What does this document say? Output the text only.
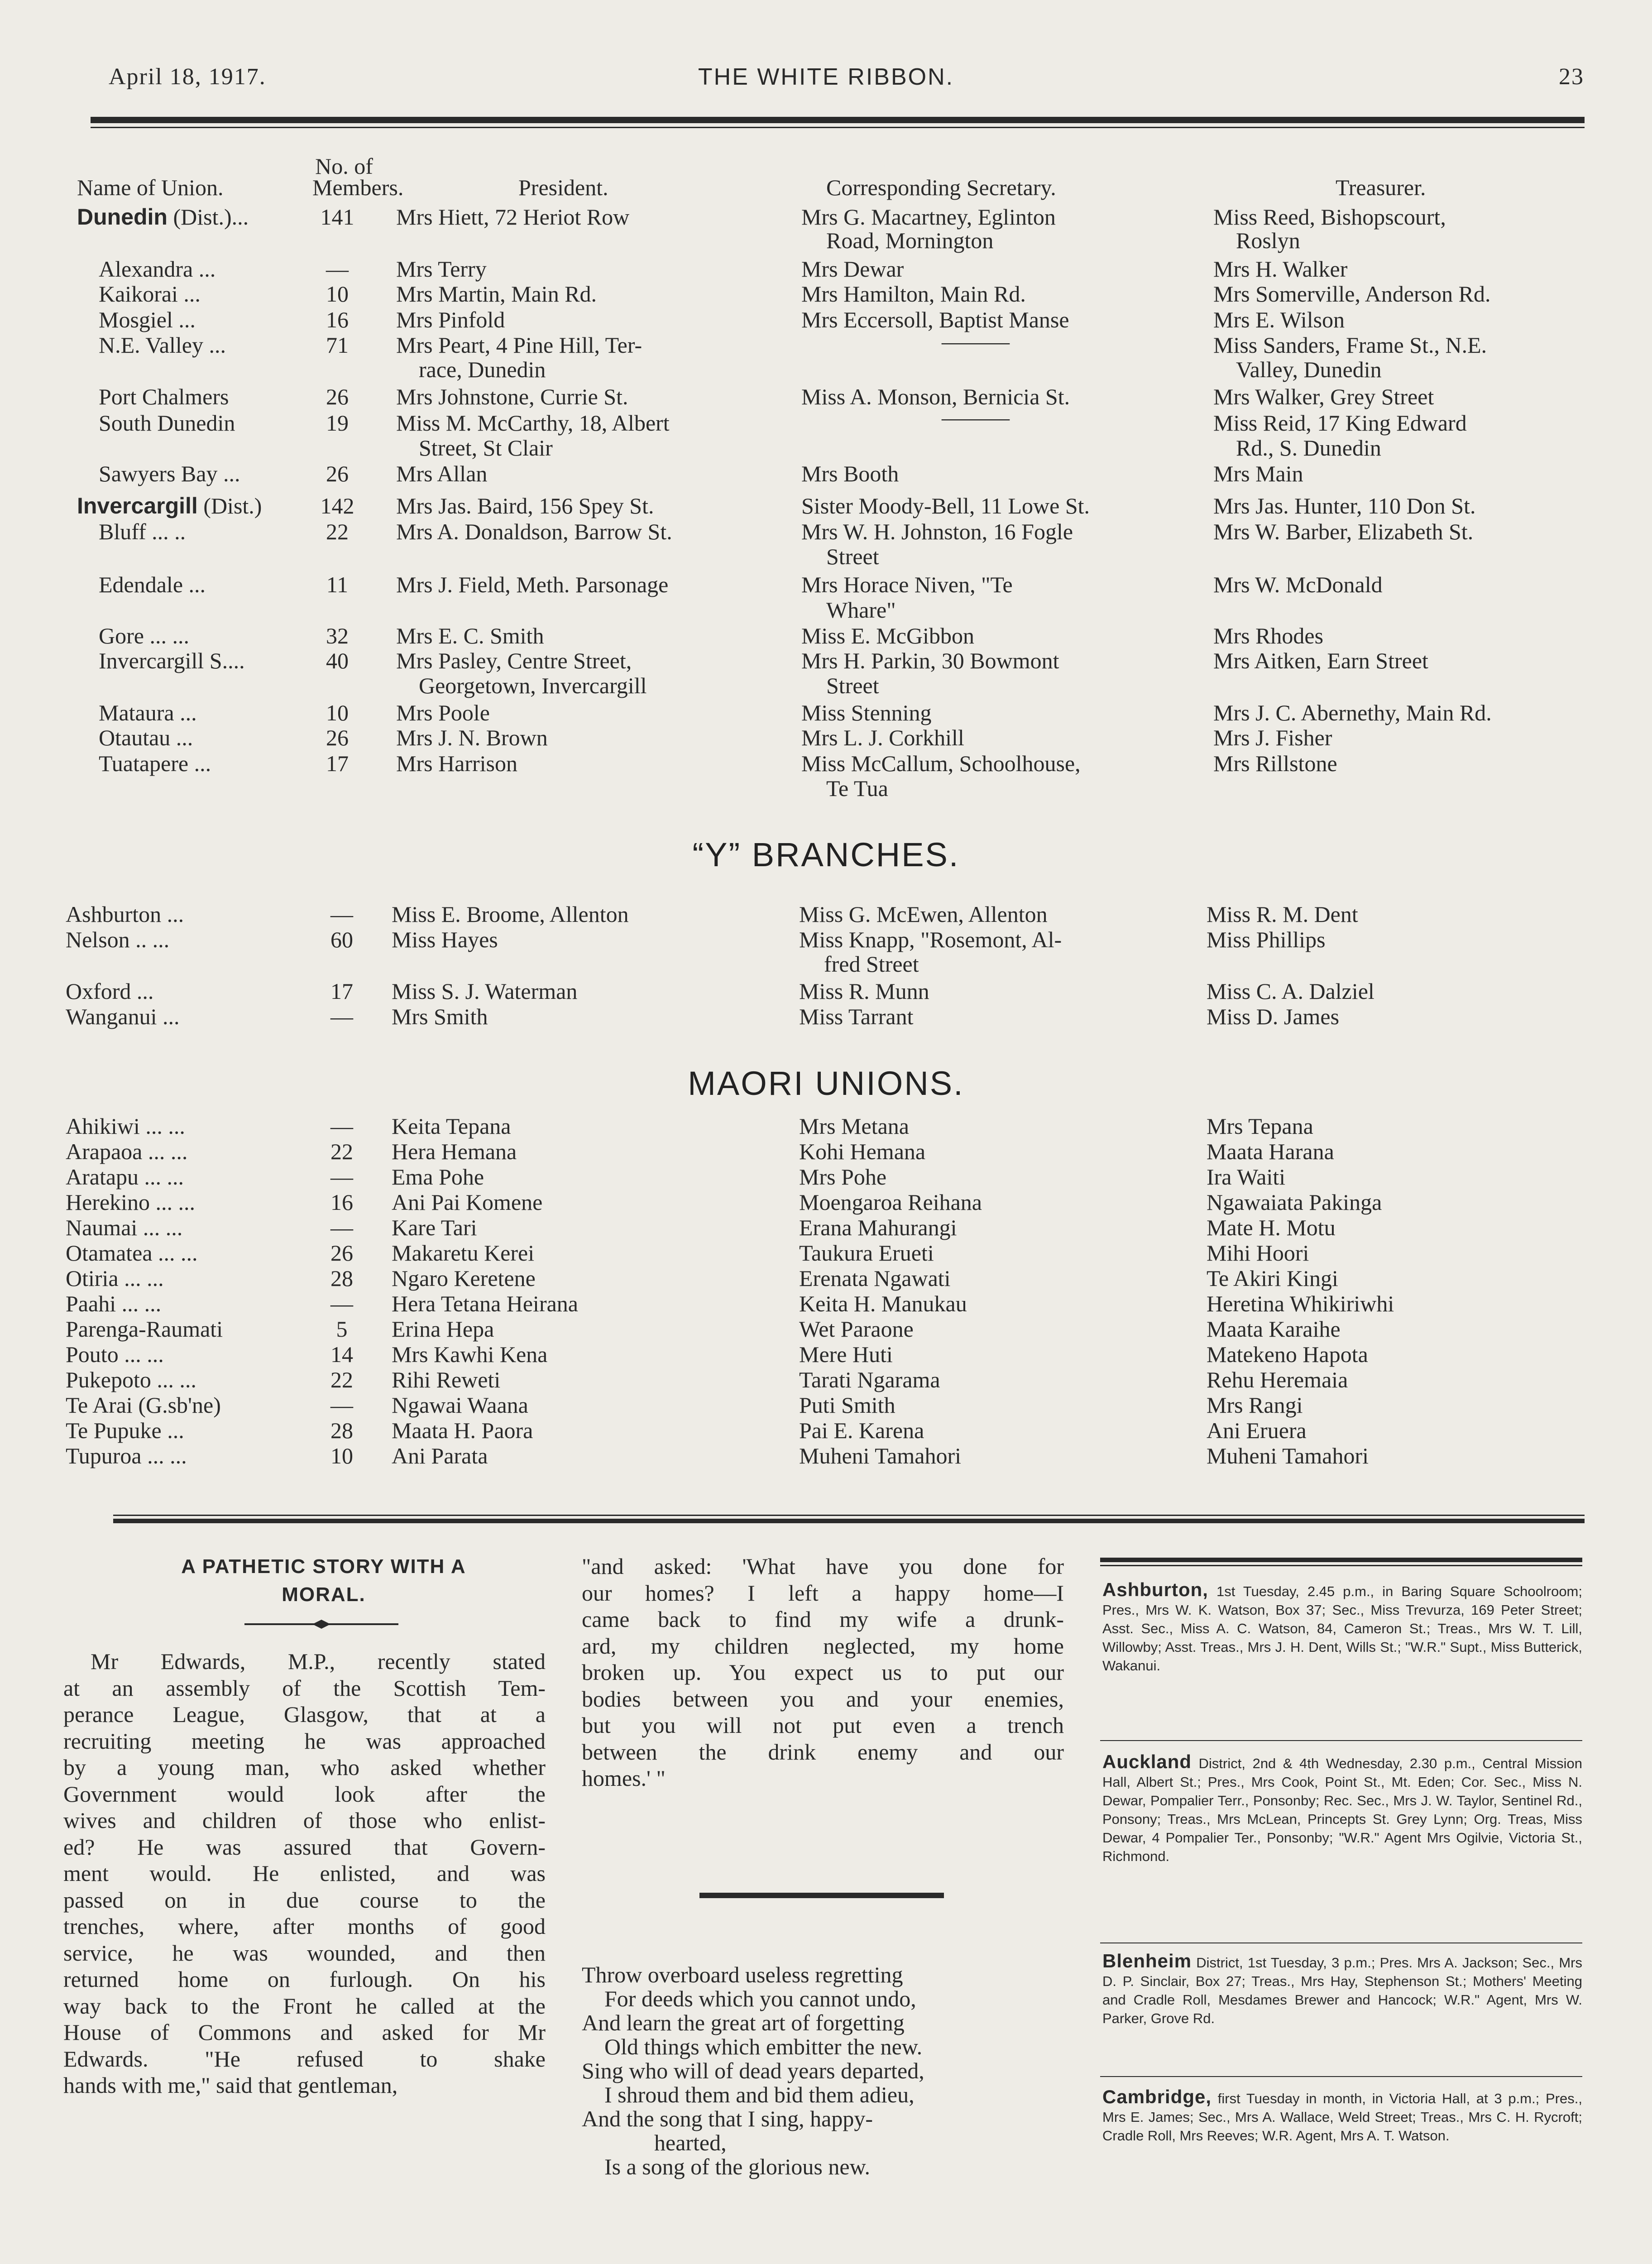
April 18, 1917.	THE WHITE RIBBON.	23
No. of
Name of Union.	Members.	President.	Corresponding Secretary.	Treasurer.
Dunedin (Dist.)...	141	Mrs Hiett, 72 Heriot Row	Mrs G. Macartney, Eglinton	Miss Reed, Bishopscourt,
Road, Mornington	Roslyn
Alexandra ...	—	Mrs Terry	Mrs Dewar	Mrs H. Walker
Kaikorai ...	10	Mrs Martin, Main Rd.	Mrs Hamilton, Main Rd.	Mrs Somerville, Anderson Rd.
Mosgiel ...	16	Mrs Pinfold	Mrs Eccersoll, Baptist Manse	Mrs E. Wilson
N.E. Valley ...	71	Mrs Peart, 4 Pine Hill, Ter-	———	Miss Sanders, Frame St., N.E.
race, Dunedin	Valley, Dunedin
Port Chalmers	26	Mrs Johnstone, Currie St.	Miss A. Monson, Bernicia St.	Mrs Walker, Grey Street
South Dunedin	19	Miss M. McCarthy, 18, Albert	———	Miss Reid, 17 King Edward
Street, St Clair	Rd., S. Dunedin
Sawyers Bay ...	26	Mrs Allan	Mrs Booth	Mrs Main
Invercargill (Dist.)	142	Mrs Jas. Baird, 156 Spey St.	Sister Moody-Bell, 11 Lowe St.	Mrs Jas. Hunter, 110 Don St.
Bluff ... ..	22	Mrs A. Donaldson, Barrow St.	Mrs W. H. Johnston, 16 Fogle	Mrs W. Barber, Elizabeth St.
Street
Edendale ...	11	Mrs J. Field, Meth. Parsonage	Mrs Horace Niven, "Te	Mrs W. McDonald
Whare"
Gore ... ...	32	Mrs E. C. Smith	Miss E. McGibbon	Mrs Rhodes
Invercargill S....	40	Mrs Pasley, Centre Street,	Mrs H. Parkin, 30 Bowmont	Mrs Aitken, Earn Street
Georgetown, Invercargill	Street
Mataura ...	10	Mrs Poole	Miss Stenning	Mrs J. C. Abernethy, Main Rd.
Otautau ...	26	Mrs J. N. Brown	Mrs L. J. Corkhill	Mrs J. Fisher
Tuatapere ...	17	Mrs Harrison	Miss McCallum, Schoolhouse,	Mrs Rillstone
Te Tua
“Y” BRANCHES.
Ashburton ...	—	Miss E. Broome, Allenton	Miss G. McEwen, Allenton	Miss R. M. Dent
Nelson .. ...	60	Miss Hayes	Miss Knapp, "Rosemont, Al-	Miss Phillips
fred Street
Oxford ...	17	Miss S. J. Waterman	Miss R. Munn	Miss C. A. Dalziel
Wanganui ...	—	Mrs Smith	Miss Tarrant	Miss D. James
MAORI UNIONS.
Ahikiwi ... ...	—	Keita Tepana	Mrs Metana	Mrs Tepana
Arapaoa ... ...	22	Hera Hemana	Kohi Hemana	Maata Harana
Aratapu ... ...	—	Ema Pohe	Mrs Pohe	Ira Waiti
Herekino ... ...	16	Ani Pai Komene	Moengaroa Reihana	Ngawaiata Pakinga
Naumai ... ...	—	Kare Tari	Erana Mahurangi	Mate H. Motu
Otamatea ... ...	26	Makaretu Kerei	Taukura Erueti	Mihi Hoori
Otiria ... ...	28	Ngaro Keretene	Erenata Ngawati	Te Akiri Kingi
Paahi ... ...	—	Hera Tetana Heirana	Keita H. Manukau	Heretina Whikiriwhi
Parenga-Raumati	5	Erina Hepa	Wet Paraone	Maata Karaihe
Pouto ... ...	14	Mrs Kawhi Kena	Mere Huti	Matekeno Hapota
Pukepoto ... ...	22	Rihi Reweti	Tarati Ngarama	Rehu Heremaia
Te Arai (G.sb'ne)	—	Ngawai Waana	Puti Smith	Mrs Rangi
Te Pupuke ...	28	Maata H. Paora	Pai E. Karena	Ani Eruera
Tupuroa ... ...	10	Ani Parata	Muheni Tamahori	Muheni Tamahori
A PATHETIC STORY WITH A
MORAL.
Mr Edwards, M.P., recently stated
at an assembly of the Scottish Tem-
perance League, Glasgow, that at a
recruiting meeting he was approached
by a young man, who asked whether
Government would look after the
wives and children of those who enlist-
ed? He was assured that Govern-
ment would. He enlisted, and was
passed on in due course to the
trenches, where, after months of good
service, he was wounded, and then
returned home on furlough. On his
way back to the Front he called at the
House of Commons and asked for Mr
Edwards. "He refused to shake
hands with me," said that gentleman,
"and asked: 'What have you done for
our homes? I left a happy home—I
came back to find my wife a drunk-
ard, my children neglected, my home
broken up. You expect us to put our
bodies between you and your enemies,
but you will not put even a trench
between the drink enemy and our
homes.' "
Throw overboard useless regretting
For deeds which you cannot undo,
And learn the great art of forgetting
Old things which embitter the new.
Sing who will of dead years departed,
I shroud them and bid them adieu,
And the song that I sing, happy-
hearted,
Is a song of the glorious new.
Ashburton, 1st Tuesday, 2.45 p.m., in Baring Square Schoolroom; Pres., Mrs W. K. Watson, Box 37; Sec., Miss Trevurza, 169 Peter Street; Asst. Sec., Miss A. C. Watson, 84, Cameron St.; Treas., Mrs W. T. Lill, Willowby; Asst. Treas., Mrs J. H. Dent, Wills St.; "W.R." Supt., Miss Butterick, Wakanui.
Auckland District, 2nd & 4th Wednesday, 2.30 p.m., Central Mission Hall, Albert St.; Pres., Mrs Cook, Point St., Mt. Eden; Cor. Sec., Miss N. Dewar, Pompalier Terr., Ponsonby; Rec. Sec., Mrs J. W. Taylor, Sentinel Rd., Ponsony; Treas., Mrs McLean, Princepts St. Grey Lynn; Org. Treas, Miss Dewar, 4 Pompalier Ter., Ponsonby; "W.R." Agent Mrs Ogilvie, Victoria St., Richmond.
Blenheim District, 1st Tuesday, 3 p.m.; Pres. Mrs A. Jackson; Sec., Mrs D. P. Sinclair, Box 27; Treas., Mrs Hay, Stephenson St.; Mothers' Meeting and Cradle Roll, Mesdames Brewer and Hancock; W.R." Agent, Mrs W. Parker, Grove Rd.
Cambridge, first Tuesday in month, in Victoria Hall, at 3 p.m.; Pres., Mrs E. James; Sec., Mrs A. Wallace, Weld Street; Treas., Mrs C. H. Rycroft; Cradle Roll, Mrs Reeves; W.R. Agent, Mrs A. T. Watson.
